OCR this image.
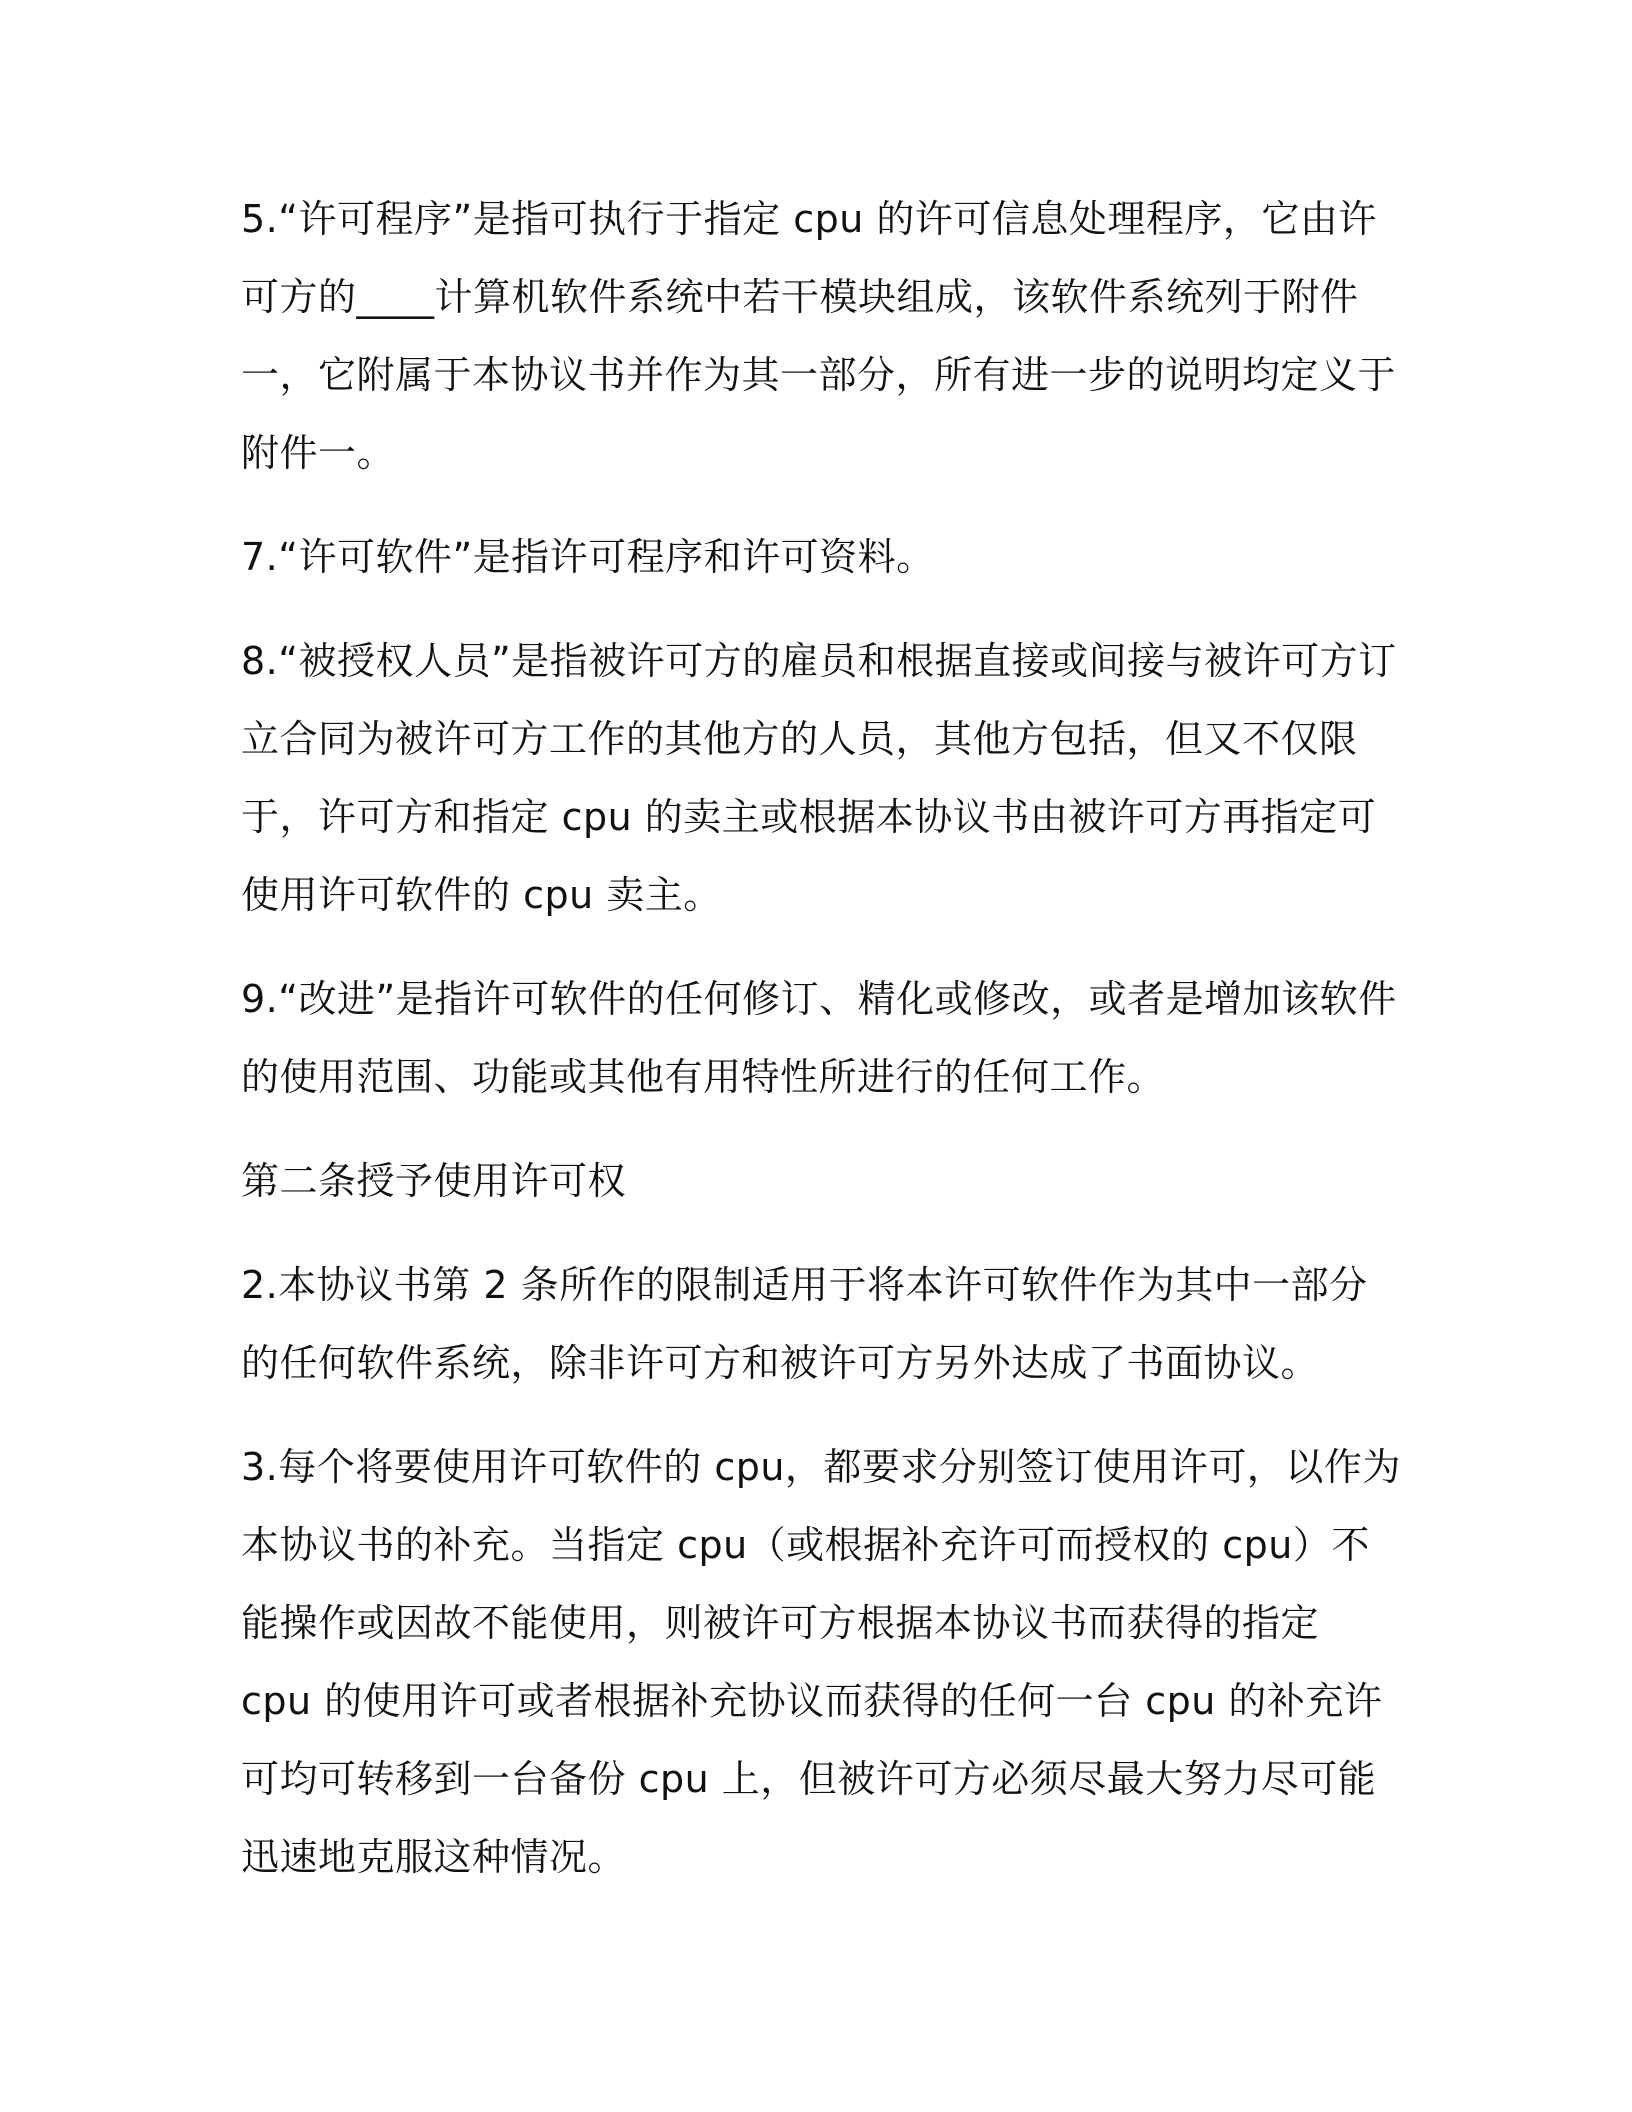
5.“许可程序”是指可执行于指定 cpu 的许可信息处理程序，它由许可方的____计算机软件系统中若干模块组成，该软件系统列于附件一，它附属于本协议书并作为其一部分，所有进一步的说明均定义于附件一。

7.“许可软件”是指许可程序和许可资料。

8.“被授权人员”是指被许可方的雇员和根据直接或间接与被许可方订立合同为被许可方工作的其他方的人员，其他方包括，但又不仅限于，许可方和指定 cpu 的卖主或根据本协议书由被许可方再指定可使用许可软件的 cpu 卖主。

9.“改进”是指许可软件的任何修订、精化或修改，或者是增加该软件的使用范围、功能或其他有用特性所进行的任何工作。

第二条授予使用许可权

2.本协议书第 2 条所作的限制适用于将本许可软件作为其中一部分的任何软件系统，除非许可方和被许可方另外达成了书面协议。

3.每个将要使用许可软件的 cpu，都要求分别签订使用许可，以作为本协议书的补充。当指定 cpu（或根据补充许可而授权的 cpu）不能操作或因故不能使用，则被许可方根据本协议书而获得的指定 cpu 的使用许可或者根据补充协议而获得的任何一台 cpu 的补充许可均可转移到一台备份 cpu 上，但被许可方必须尽最大努力尽可能迅速地克服这种情况。
